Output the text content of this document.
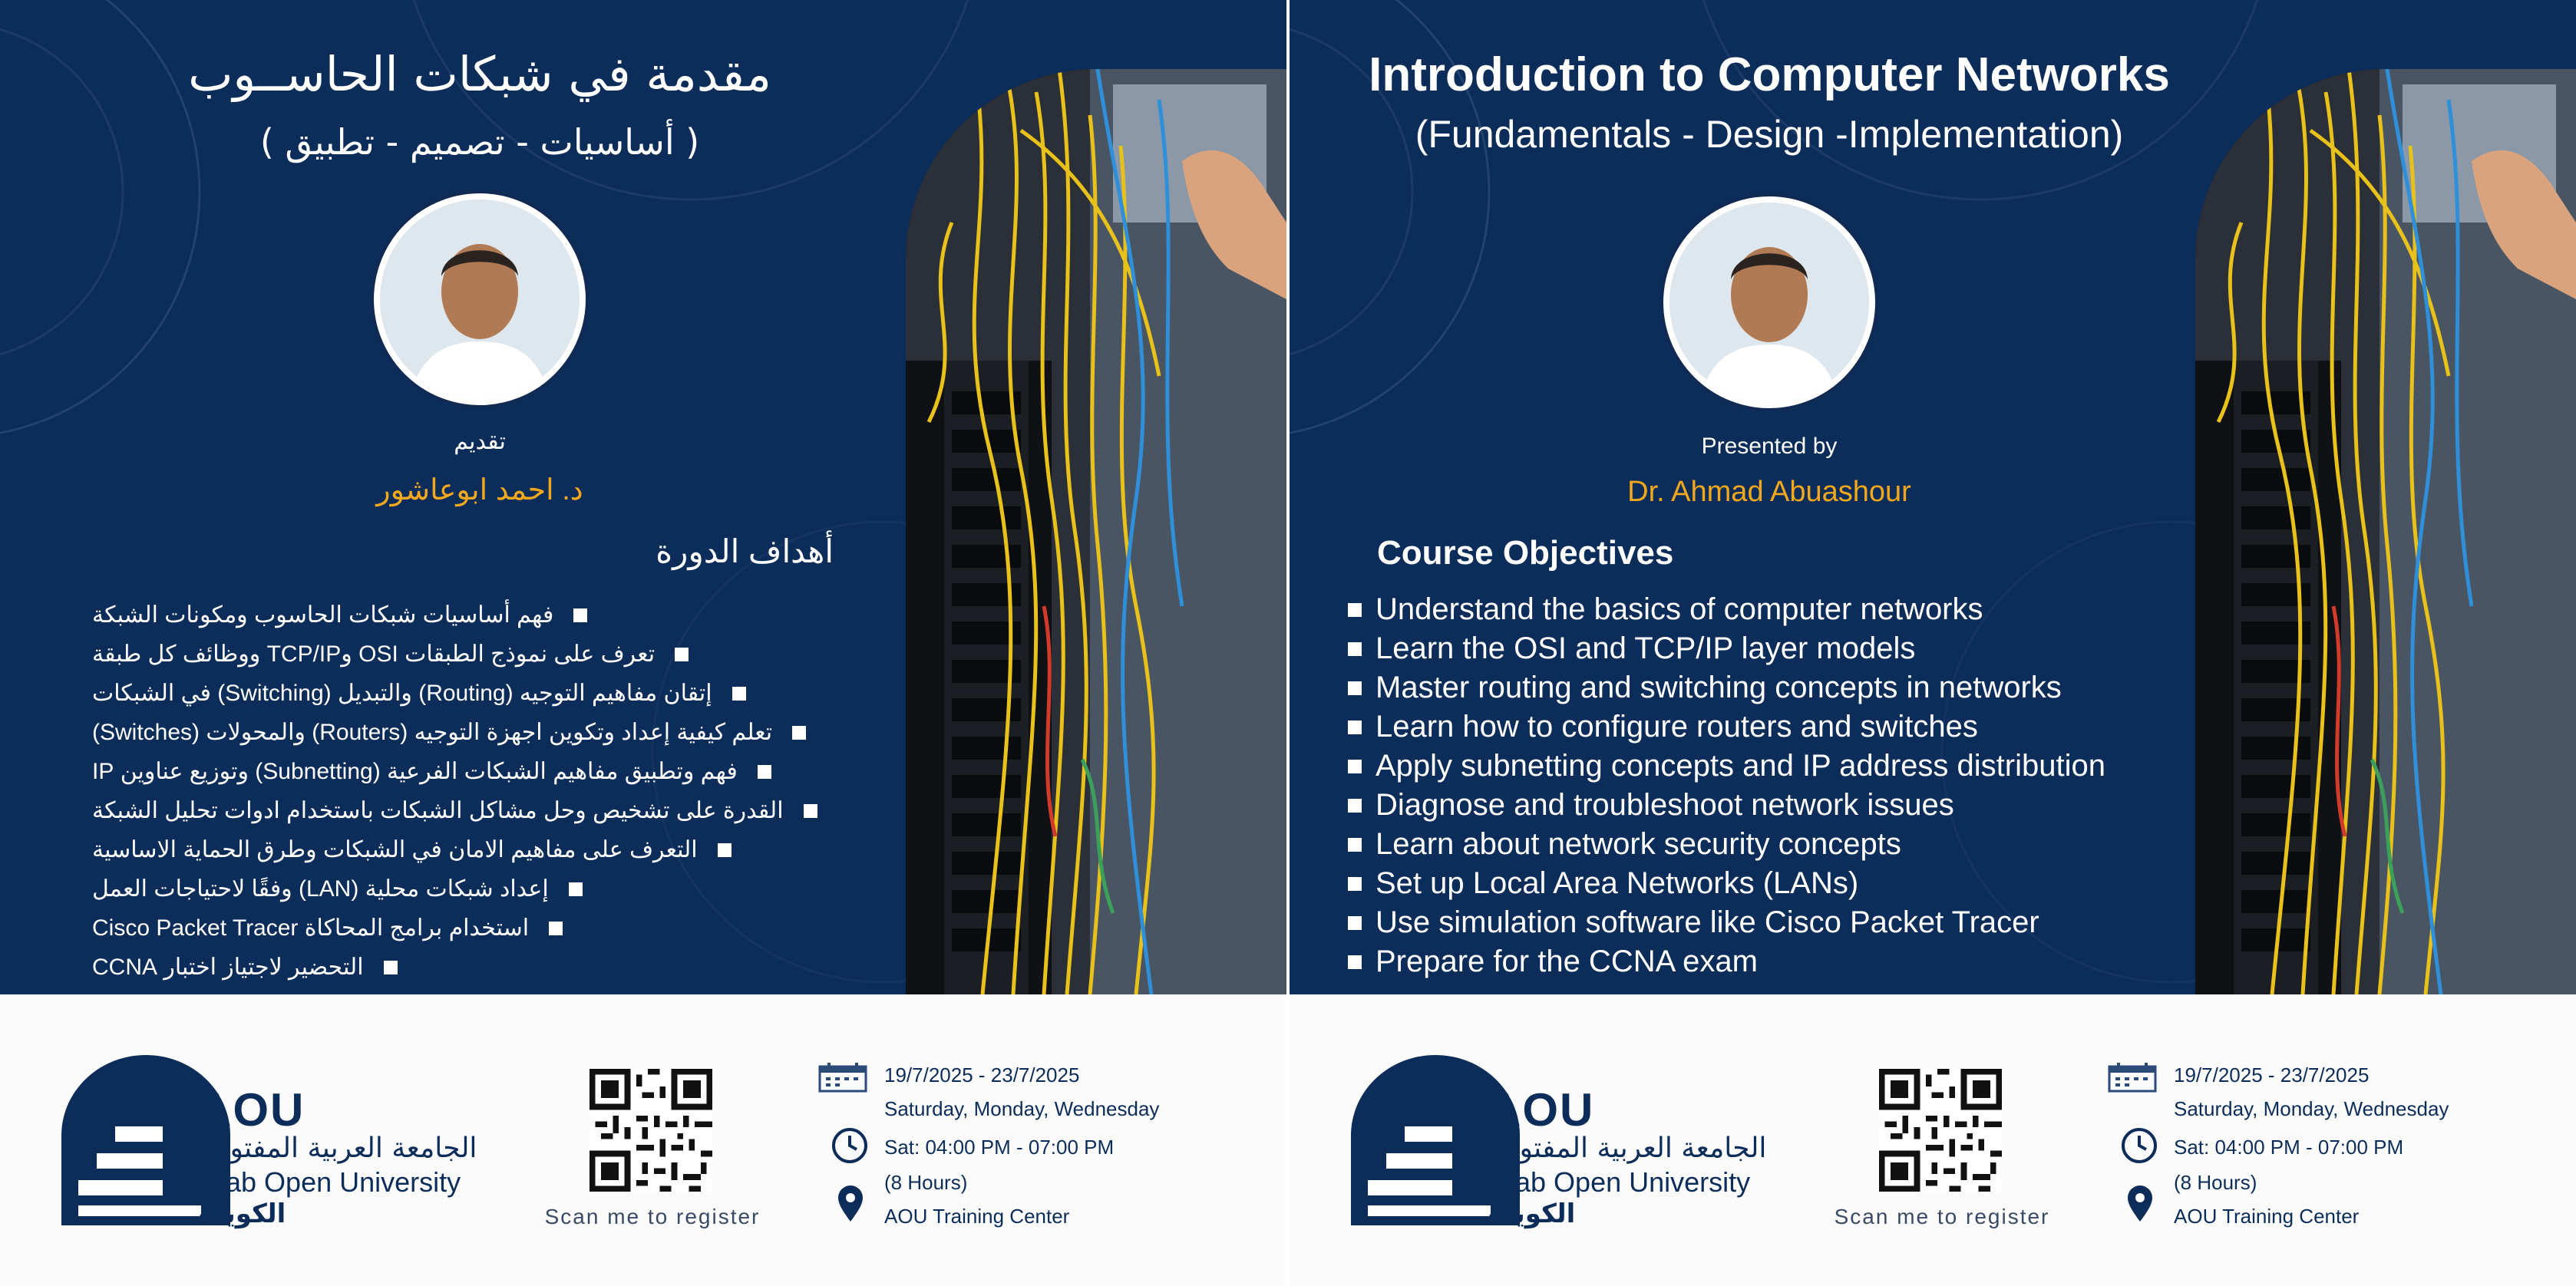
مقدمة في شبكات الحاســوب
( أساسيات - تصميم - تطبيق )
تقديم
د. احمد ابوعاشور
أهداف الدورة
فهم أساسيات شبكات الحاسوب ومكونات الشبكة
تعرف على نموذج الطبقات OSI وTCP/IP ووظائف كل طبقة
إتقان مفاهيم التوجيه (Routing) والتبديل (Switching) في الشبكات
تعلم كيفية إعداد وتكوين اجهزة التوجيه (Routers) والمحولات (Switches)
فهم وتطبيق مفاهيم الشبكات الفرعية (Subnetting) وتوزيع عناوين IP
القدرة على تشخيص وحل مشاكل الشبكات باستخدام ادوات تحليل الشبكة
التعرف على مفاهيم الامان في الشبكات وطرق الحماية الاساسية
إعداد شبكات محلية (LAN) وفقًا لاحتياجات العمل
استخدام برامج المحاكاة Cisco Packet Tracer
التحضير لاجتياز اختبار CCNA
AOU
الجامعة العربية المفتوحة
Arab Open University
الكويت	Scan me to register
19/7/2025 - 23/7/2025
Saturday, Monday, Wednesday
Sat: 04:00 PM - 07:00 PM
(8 Hours)
AOU Training Center
Introduction to Computer Networks
(Fundamentals - Design -Implementation)
Presented by
Dr. Ahmad Abuashour
Course Objectives
Understand the basics of computer networks
Learn the OSI and TCP/IP layer models
Master routing and switching concepts in networks
Learn how to configure routers and switches
Apply subnetting concepts and IP address distribution
Diagnose and troubleshoot network issues
Learn about network security concepts
Set up Local Area Networks (LANs)
Use simulation software like Cisco Packet Tracer
Prepare for the CCNA exam
AOU
الجامعة العربية المفتوحة
Arab Open University
الكويت	Scan me to register
19/7/2025 - 23/7/2025
Saturday, Monday, Wednesday
Sat: 04:00 PM - 07:00 PM
(8 Hours)
AOU Training Center
